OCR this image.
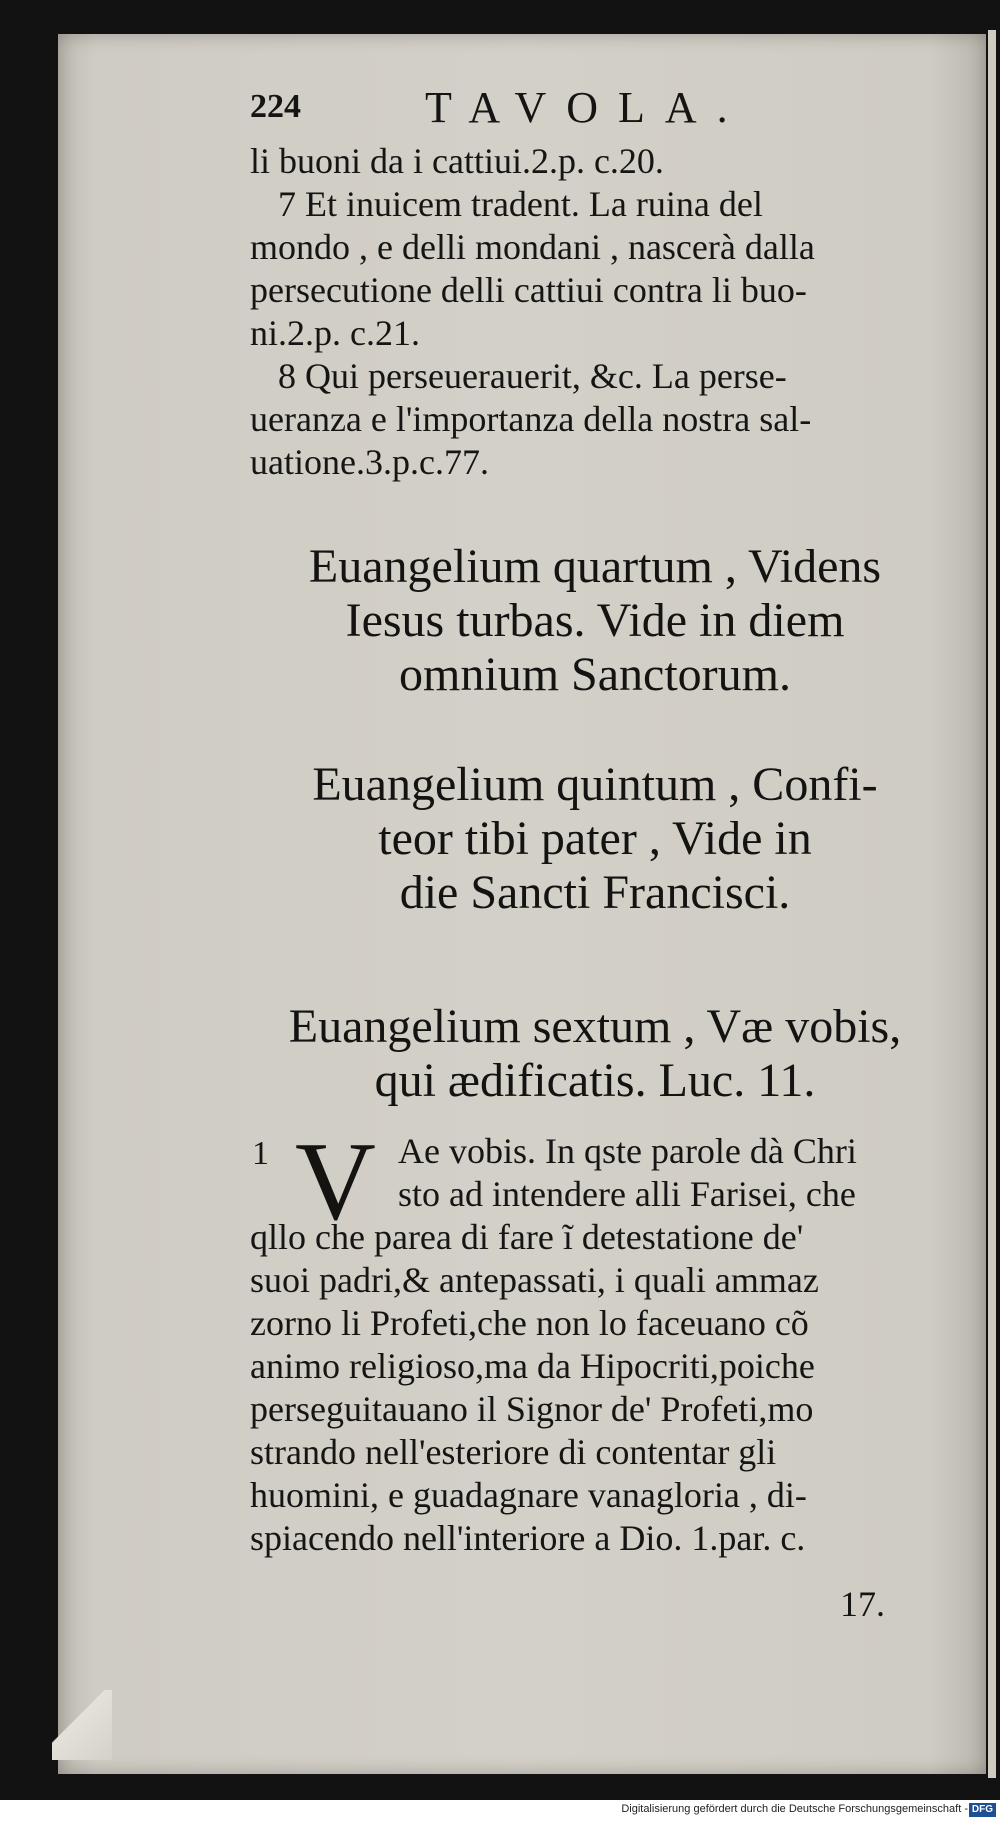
224	TAVOLA.
li buoni da i cattiui.2.p. c.20.
7 Et inuicem tradent. La ruina del
mondo , e delli mondani , nascerà dalla
persecutione delli cattiui contra li buo-
ni.2.p. c.21.
8 Qui perseuerauerit, &c. La perse-
ueranza e l'importanza della nostra sal-
uatione.3.p.c.77.
Euangelium quartum , Videns
Iesus turbas. Vide in diem
omnium Sanctorum.
Euangelium quintum , Confi-
teor tibi pater , Vide in
die Sancti Francisci.
Euangelium sextum , Væ vobis,
qui ædificatis. Luc. 11.
1 V Ae vobis. In qste parole dà Chri
sto ad intendere alli Farisei, che
qllo che parea di fare ĩ detestatione de'
suoi padri,& antepassati, i quali ammaz
zorno li Profeti,che non lo faceuano cõ
animo religioso,ma da Hipocriti,poiche
perseguitauano il Signor de' Profeti,mo
strando nell'esteriore di contentar gli
huomini, e guadagnare vanagloria , di-
spiacendo nell'interiore a Dio. 1.par. c.
17.
Digitalisierung gefördert durch die Deutsche Forschungsgemeinschaft - DFG
